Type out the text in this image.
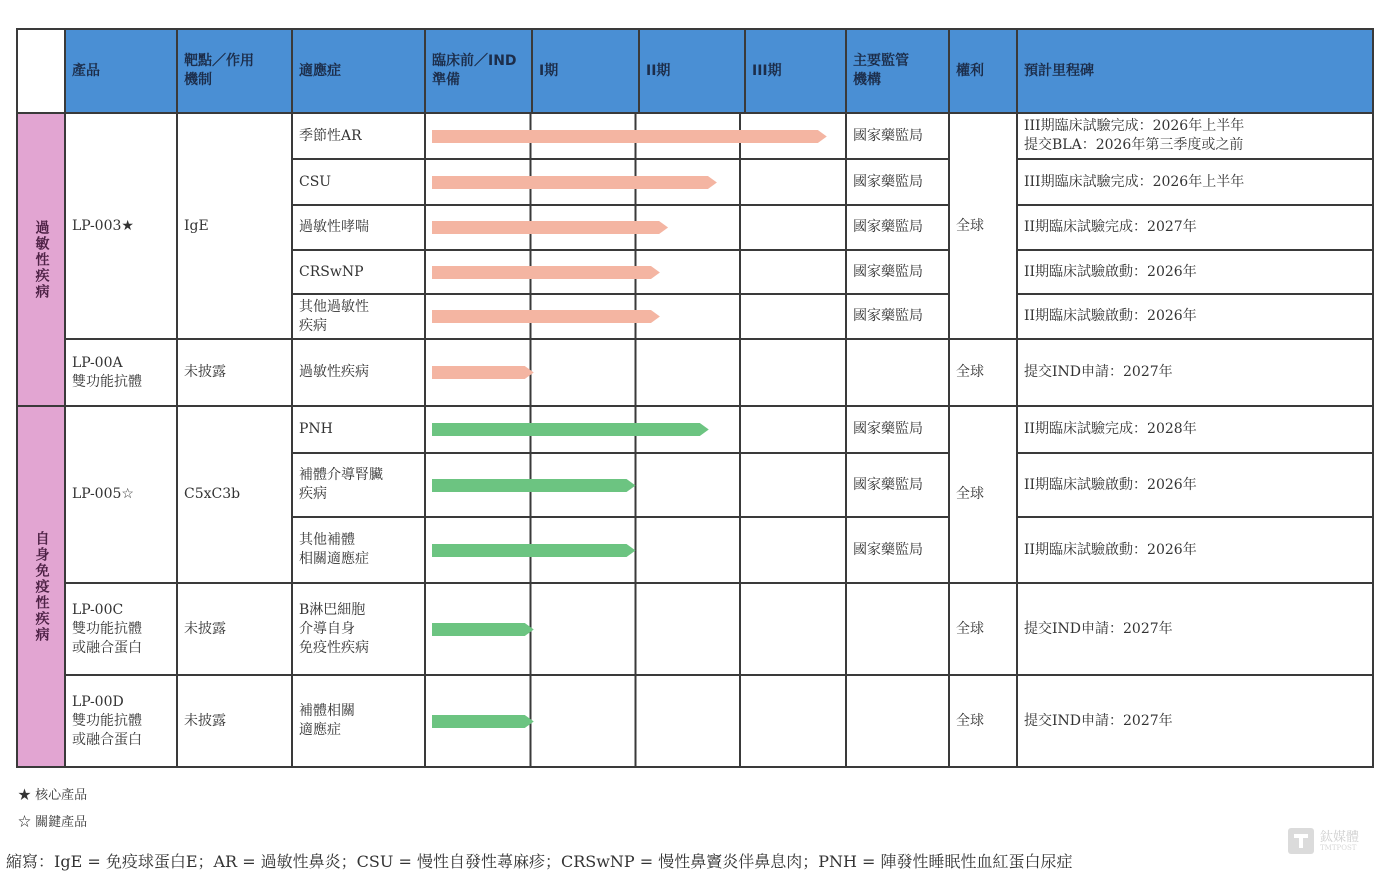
	產品	靶點／作用
機制	適應症	臨床前／IND
準備	I期	II期	III期	主要監管
機構	權利	預計里程碑

過敏性疾病	LP-003★	IgE	季節性AR					國家藥監局	全球	III期臨床試驗完成：2026年上半年
提交BLA：2026年第三季度或之前
			CSU					國家藥監局		III期臨床試驗完成：2026年上半年
			過敏性哮喘					國家藥監局		II期臨床試驗完成：2027年
			CRSwNP					國家藥監局		II期臨床試驗啟動：2026年
			其他過敏性
疾病					國家藥監局		II期臨床試驗啟動：2026年
	LP-00A
雙功能抗體	未披露	過敏性疾病						全球	提交IND申請：2027年

自身免疫性疾病	LP-005☆	C5xC3b	PNH					國家藥監局	全球	II期臨床試驗完成：2028年
			補體介導腎臟
疾病					國家藥監局		II期臨床試驗啟動：2026年
			其他補體
相關適應症					國家藥監局		II期臨床試驗啟動：2026年
	LP-00C
雙功能抗體
或融合蛋白	未披露	B淋巴細胞
介導自身
免疫性疾病						全球	提交IND申請：2027年
	LP-00D
雙功能抗體
或融合蛋白	未披露	補體相關
適應症						全球	提交IND申請：2027年
★ 核心產品
☆ 關鍵產品
縮寫：IgE = 免疫球蛋白E；AR = 過敏性鼻炎；CSU = 慢性自發性蕁麻疹；CRSwNP = 慢性鼻竇炎伴鼻息肉；PNH = 陣發性睡眠性血紅蛋白尿症
鈦媒體
TMTPOST
